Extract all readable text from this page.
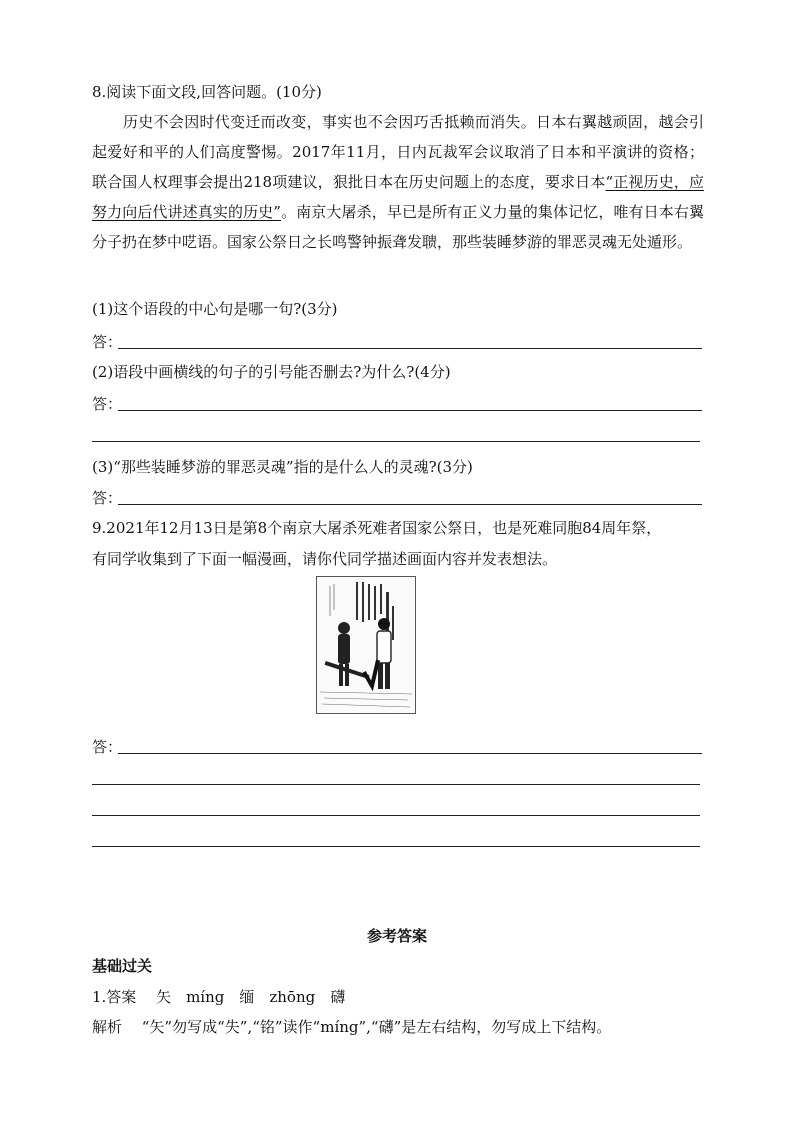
8.阅读下面文段,回答问题。(10分)
历史不会因时代变迁而改变，事实也不会因巧舌抵赖而消失。日本右翼越顽固，越会引起爱好和平的人们高度警惕。2017年11月，日内瓦裁军会议取消了日本和平演讲的资格；联合国人权理事会提出218项建议，狠批日本在历史问题上的态度，要求日本“正视历史，应努力向后代讲述真实的历史”。南京大屠杀，早已是所有正义力量的集体记忆，唯有日本右翼分子扔在梦中呓语。国家公祭日之长鸣警钟振聋发聩，那些装睡梦游的罪恶灵魂无处遁形。
(1)这个语段的中心句是哪一句?(3分)
答：
(2)语段中画横线的句子的引号能否删去?为什么?(4分)
答：
(3)“那些装睡梦游的罪恶灵魂”指的是什么人的灵魂?(3分)
答：
9.2021年12月13日是第8个南京大屠杀死难者国家公祭日，也是死难同胞84周年祭，
有同学收集到了下面一幅漫画，请你代同学描述画面内容并发表想法。
答：
参考答案
基础过关
1.答案　 矢　míng　缅　zhōng　礴
解析　 “矢”勿写成“失”,“铭”读作“míng”,“礴”是左右结构，勿写成上下结构。
